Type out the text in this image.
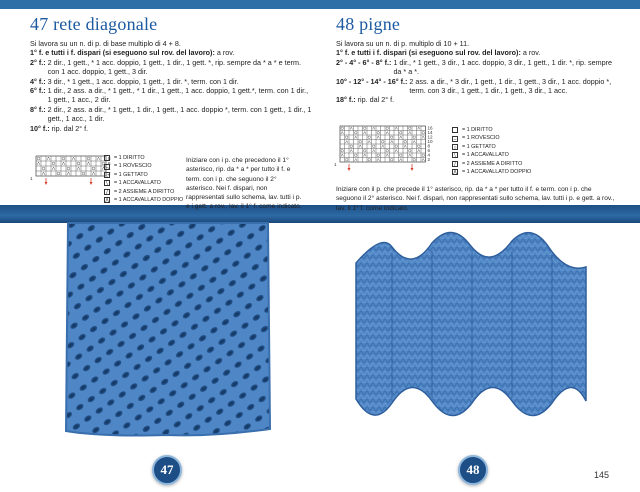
47 rete diagonale

Si lavora su un n. di p. di base multiplo di 4 + 8.

1° f. e tutti i f. dispari (si eseguono sul rov. del lavoro): a rov.
2° f.: 2 dir., 1 gett., * 1 acc. doppio, 1 gett., 1 dir., 1 gett. *, rip. sempre da * a * e term. con 1 acc. doppio, 1 gett., 3 dir.
4° f.: 3 dir., * 1 gett., 1 acc. doppio, 1 gett., 1 dir. *, term. con 1 dir.
6° f.: 1 dir., 2 ass. a dir., * 1 gett., * 1 dir., 1 gett., 1 acc. doppio, 1 gett.*, term. con 1 dir., 1 gett., 1 acc., 2 dir.
8° f.: 2 dir., 2 ass. a dir., * 1 gett., 1 dir., 1 gett., 1 acc. doppio *, term. con 1 gett., 1 dir., 1 gett., 1 acc., 1 dir.
10° f.: rip. dal 2° f.
8
6
4
2
1
= 1 DIRITTO
– = 1 ROVESCIO
○ = 1 GETTATO
\	= 1 ACCAVALLATO
/	= 2 ASSIEME A DIRITTO
Λ = 1 ACCAVALLATO DOPPIO
Iniziare con i p. che precedono il 1° asterisco, rip. da * a * per tutto il f. e term. con i p. che seguono il 2° asterisco. Nei f. dispari, non rappresentati sullo schema, lav. tutti i p. e i gett. a rov., lav. il 1° f. come indicato.
48 pigne

Si lavora su un n. di p. multiplo di 10 + 11.

1° f. e tutti i f. dispari (si eseguono sul rov. del lavoro): a rov.
2° - 4° - 6° - 8° f.: 1 dir., * 1 gett., 3 dir., 1 acc. doppio, 3 dir., 1 gett., 1 dir. *, rip. sempre da * a *.
10° - 12° - 14° - 16° f.: 2 ass. a dir., * 3 dir., 1 gett., 1 dir., 1 gett., 3 dir., 1 acc. doppio *, term. con 3 dir., 1 gett., 1 dir., 1 gett., 3 dir., 1 acc.
18° f.: rip. dal 2° f.
16
14
12
10
8
6
4
2
1
= 1 DIRITTO
– = 1 ROVESCIO
○ = 1 GETTATO
\	= 1 ACCAVALLATO
/	= 2 ASSIEME A DIRITTO
Λ = 1 ACCAVALLATO DOPPIO
Iniziare con il p. che precede il 1° asterisco, rip. da * a * per tutto il f. e term. con i p. che seguono il 2° asterisco. Nei f. dispari, non rappresentati sullo schema, lav. tutti i p. e gett. a rov., lav. il 1° f. come indicato.
47	48	145
